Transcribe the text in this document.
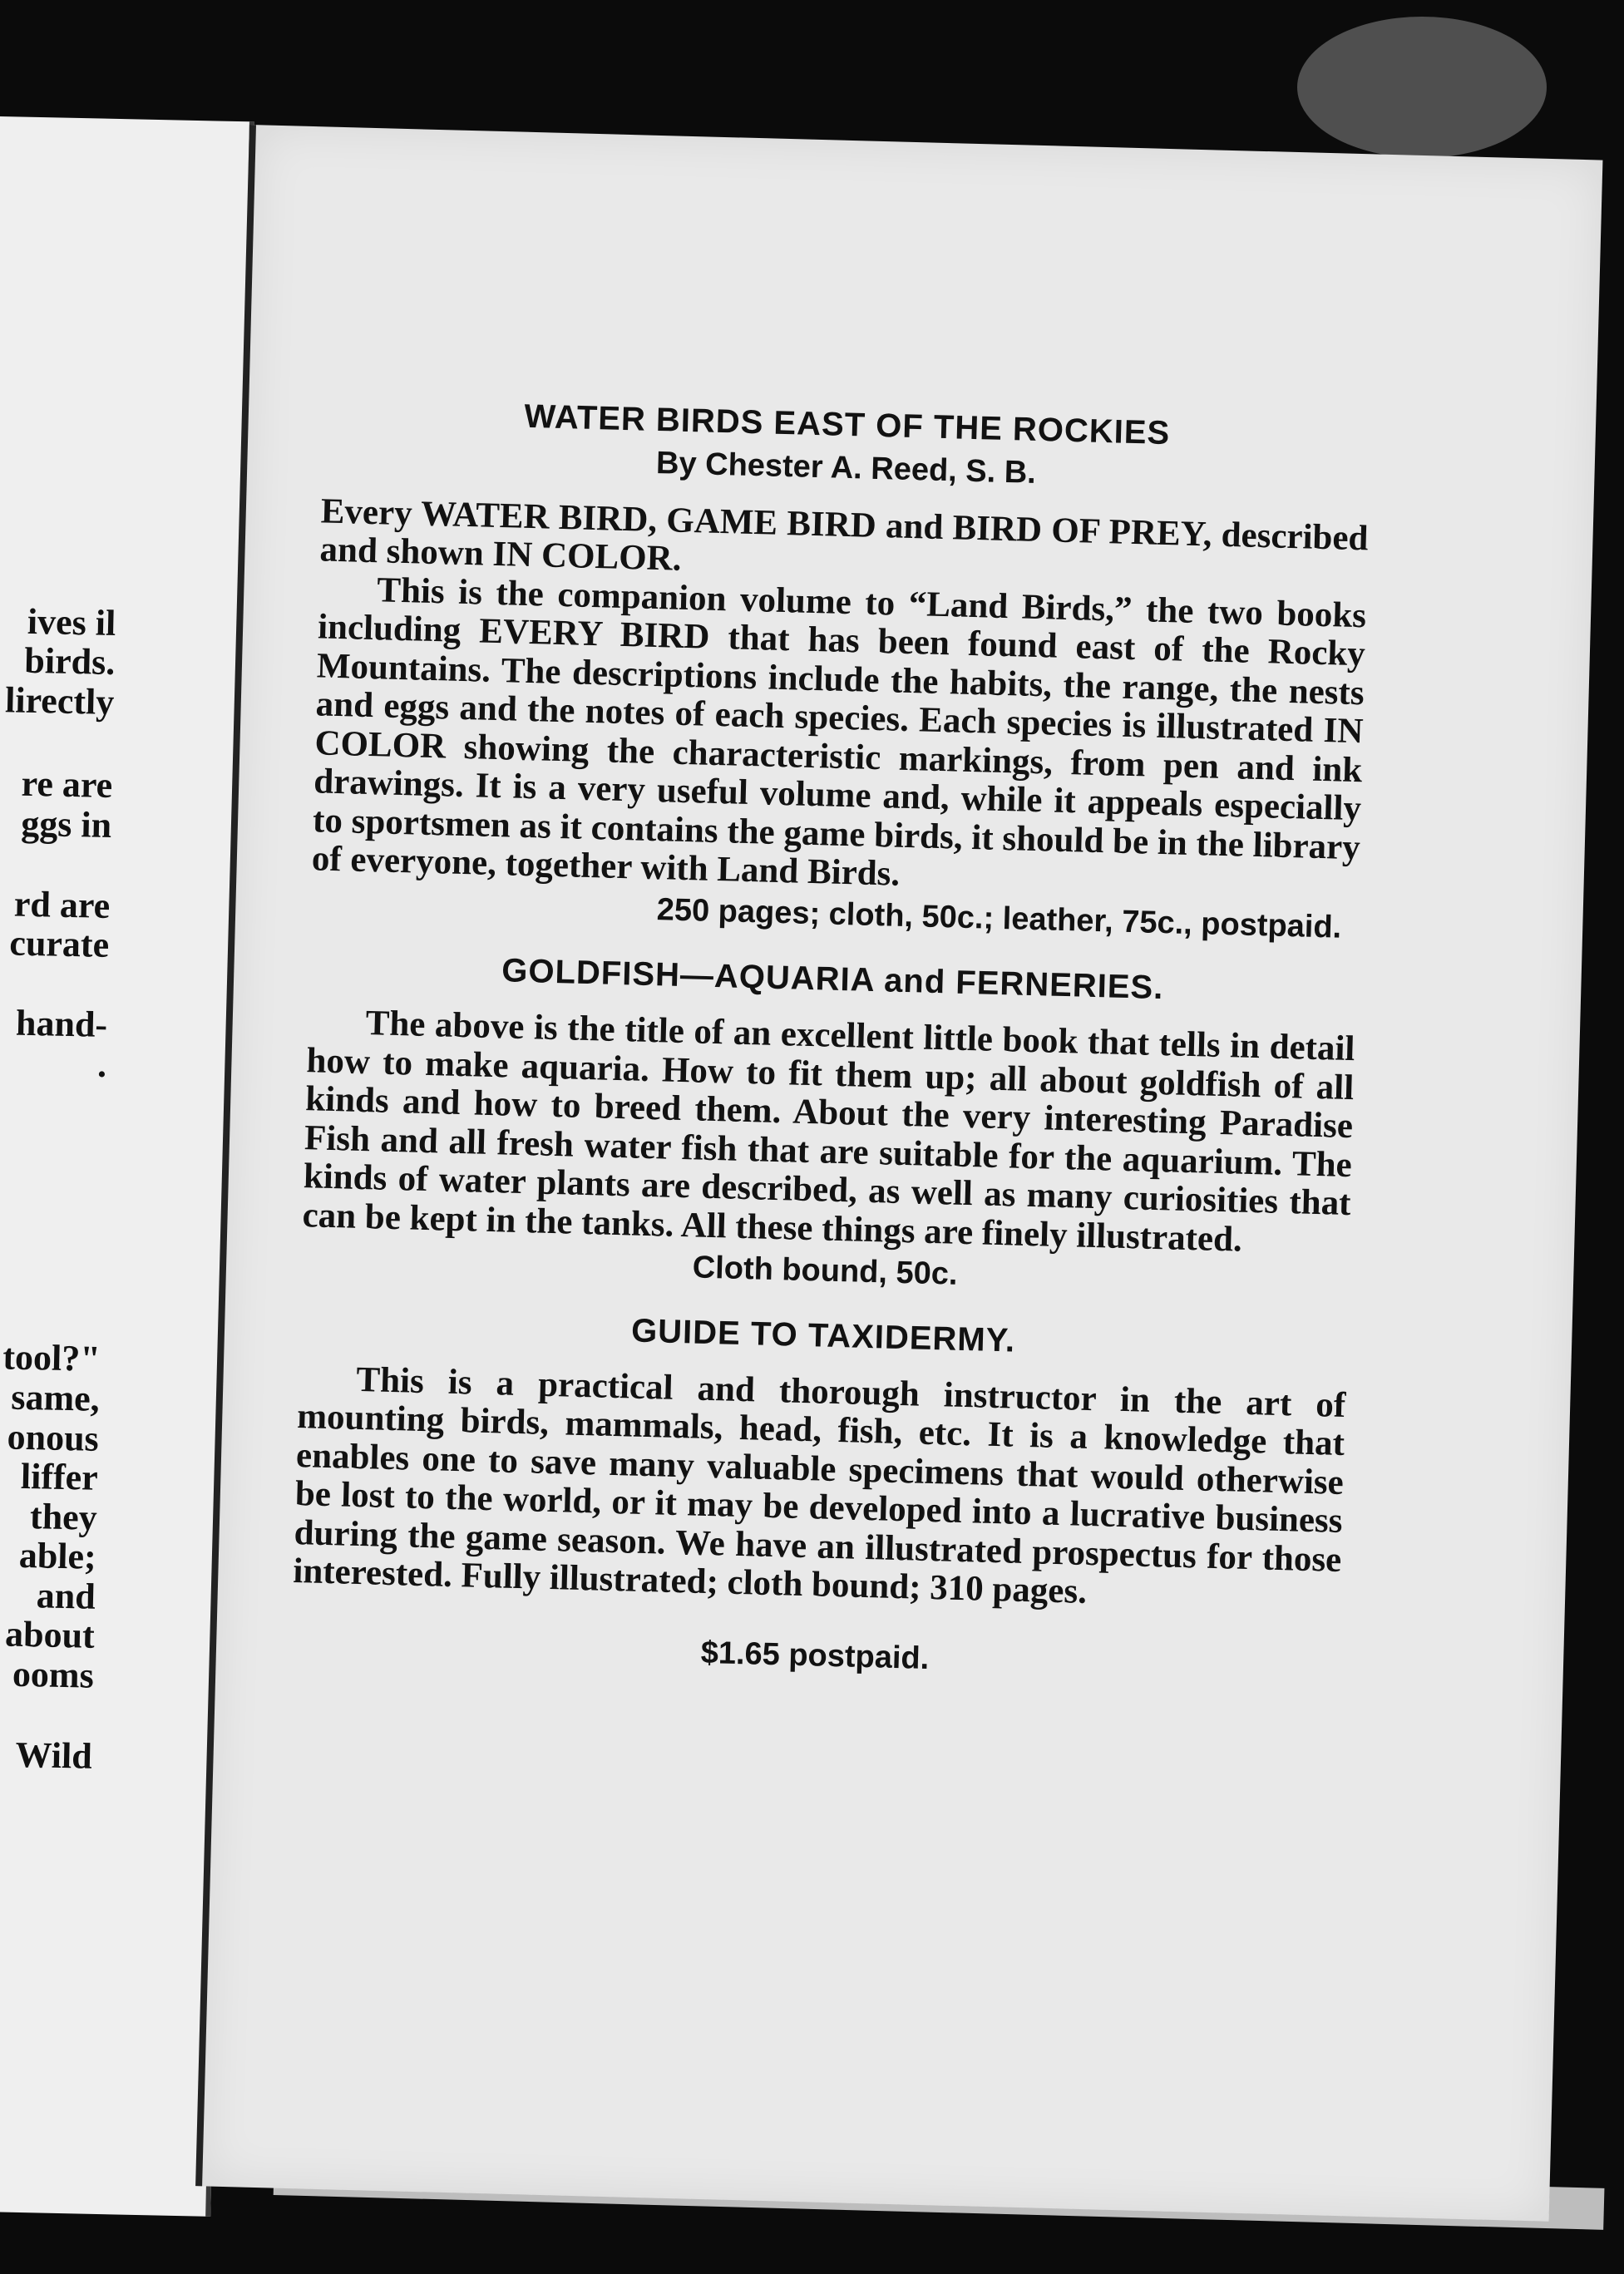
ives il
birds.
lirectly
re are
ggs in
rd are
curate
hand-
.
tool?"
same,
onous
liffer
they
able;
and
about
ooms
Wild
WATER BIRDS EAST OF THE ROCKIES
By Chester A. Reed, S. B.

Every WATER BIRD, GAME BIRD and BIRD OF PREY, described and shown IN COLOR.

This is the companion volume to “Land Birds,” the two books including EVERY BIRD that has been found east of the Rocky Mountains. The descriptions include the habits, the range, the nests and eggs and the notes of each species. Each species is illustrated IN COLOR showing the characteristic markings, from pen and ink drawings. It is a very useful volume and, while it appeals especially to sportsmen as it contains the game birds, it should be in the library of everyone, together with Land Birds.

250 pages; cloth, 50c.; leather, 75c., postpaid.
GOLDFISH—AQUARIA and FERNERIES.

The above is the title of an excellent little book that tells in detail how to make aquaria. How to fit them up; all about goldfish of all kinds and how to breed them. About the very interesting Paradise Fish and all fresh water fish that are suitable for the aquarium. The kinds of water plants are described, as well as many curiosities that can be kept in the tanks. All these things are finely illustrated.

Cloth bound, 50c.
GUIDE TO TAXIDERMY.

This is a practical and thorough instructor in the art of mounting birds, mammals, head, fish, etc. It is a knowledge that enables one to save many valuable specimens that would otherwise be lost to the world, or it may be developed into a lucrative business during the game season. We have an illustrated prospectus for those interested. Fully illustrated; cloth bound; 310 pages.

$1.65 postpaid.
